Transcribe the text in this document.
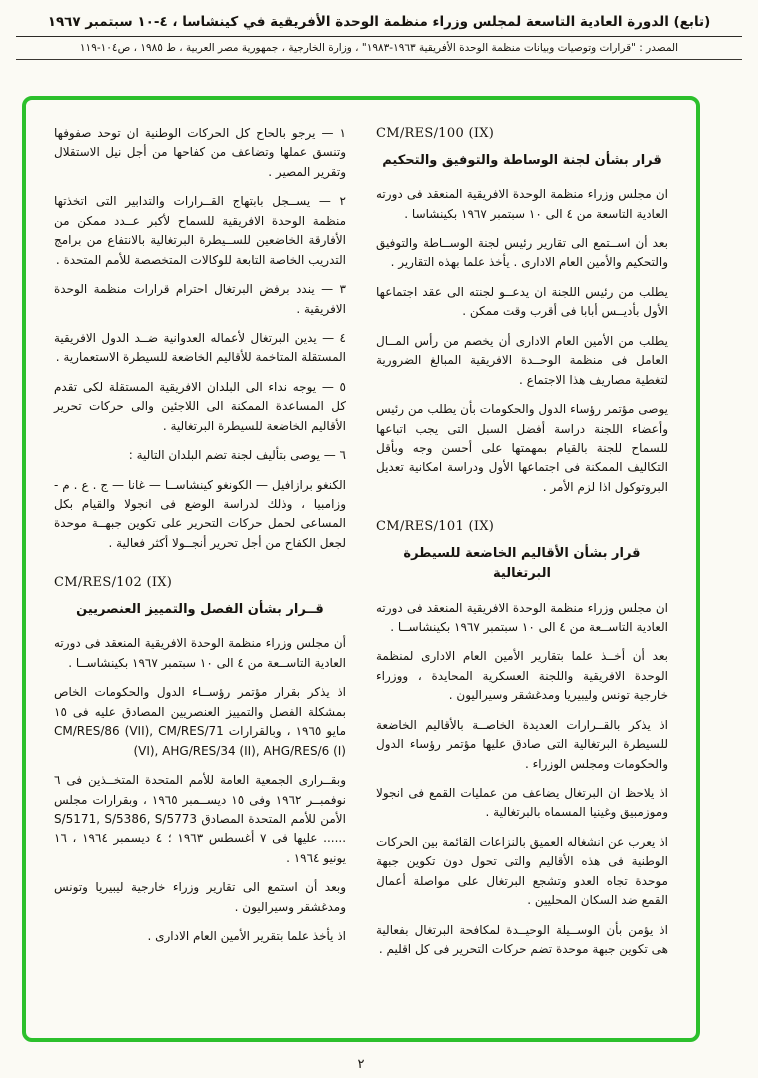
(تابع) الدورة العادية التاسعة لمجلس وزراء منظمة الوحدة الأفريقية في كينشاسا ، ٤-١٠ سبتمبر ١٩٦٧
المصدر : "قرارات وتوصيات وبيانات منظمة الوحدة الأفريقية ١٩٦٣-١٩٨٣" ، وزارة الخارجية ، جمهورية مصر العربية ، ط ١٩٨٥ ، ص١٠٤-١١٩
CM/RES/100 (IX)
قرار بشأن لجنة الوساطة والتوفيق والتحكيم

ان مجلس وزراء منظمة الوحدة الافريقية المنعقد فى دورته العادية التاسعة من ٤ الى ١٠ سبتمبر ١٩٦٧ بكينشاسا .

بعد أن اســتمع الى تقارير رئيس لجنة الوســاطة والتوفيق والتحكيم والأمين العام الادارى . يأخذ علما بهذه التقارير .

يطلب من رئيس اللجنة ان يدعــو لجنته الى عقد اجتماعها الأول بأديــس أبابا فى أقرب وقت ممكن .

يطلب من الأمين العام الادارى أن يخصم من رأس المــال العامل فى منظمة الوحــدة الافريقية المبالغ الضرورية لتغطية مصاريف هذا الاجتماع .

يوصى مؤتمر رؤساء الدول والحكومات بأن يطلب من رئيس وأعضاء اللجنة دراسة أفضل السبل التى يجب اتباعها للسماح للجنة بالقيام بمهمتها على أحسن وجه وبأقل التكاليف الممكنة فى اجتماعها الأول ودراسة امكانية تعديل البروتوكول اذا لزم الأمر .

CM/RES/101 (IX)
قرار بشأن الأقاليم الخاضعة للسيطرة البرتغالية

ان مجلس وزراء منظمة الوحدة الافريقية المنعقد فى دورته العادية التاســعة من ٤ الى ١٠ سبتمبر ١٩٦٧ بكينشاســا .

بعد أن أخــذ علما بتقارير الأمين العام الادارى لمنظمة الوحدة الافريقية واللجنة العسكرية المحايدة ، ووزراء خارجية تونس وليبيريا ومدغشقر وسيراليون .

اذ يذكر بالقــرارات العديدة الخاصــة بالأقاليم الخاضعة للسيطرة البرتغالية التى صادق عليها مؤتمر رؤساء الدول والحكومات ومجلس الوزراء .

اذ يلاحظ ان البرتغال يضاعف من عمليات القمع فى انجولا وموزمبيق وغينيا المسماه بالبرتغالية .

اذ يعرب عن انشغاله العميق بالنزاعات القائمة بين الحركات الوطنية فى هذه الأقاليم والتى تحول دون تكوين جبهة موحدة تجاه العدو وتشجع البرتغال على مواصلة أعمال القمع ضد السكان المحليين .

اذ يؤمن بأن الوســيلة الوحيــدة لمكافحة البرتغال بفعالية هى تكوين جبهة موحدة تضم حركات التحرير فى كل اقليم .

١ — يرجو بالحاح كل الحركات الوطنية ان توحد صفوفها وتنسق عملها وتضاعف من كفاحها من أجل نيل الاستقلال وتقرير المصير .

٢ — يســجل بابتهاج القــرارات والتدابير التى اتخذتها منظمة الوحدة الافريقية للسماح لأكبر عــدد ممكن من الأفارقة الخاضعين للســيطرة البرتغالية بالانتفاع من برامج التدريب الخاصة التابعة للوكالات المتخصصة للأمم المتحدة .

٣ — يندد برفض البرتغال احترام قرارات منظمة الوحدة الافريقية .

٤ — يدين البرتغال لأعماله العدوانية ضــد الدول الافريقية المستقلة المتاخمة للأقاليم الخاضعة للسيطرة الاستعمارية .

٥ — يوجه نداء الى البلدان الافريقية المستقلة لكى تقدم كل المساعدة الممكنة الى اللاجئين والى حركات تحرير الأقاليم الخاضعة للسيطرة البرتغالية .

٦ — يوصى بتأليف لجنة تضم البلدان التالية :

الكنغو برازافيل — الكونغو كينشاســا — غانا — ج . ع . م - وزامبيا ، وذلك لدراسة الوضع فى انجولا والقيام بكل المساعى لحمل حركات التحرير على تكوين جبهــة موحدة لجعل الكفاح من أجل تحرير أنجــولا أكثر فعالية .

CM/RES/102 (IX)
قــرار بشأن الفصل والتمييز العنصريين

أن مجلس وزراء منظمة الوحدة الافريقية المنعقد فى دورته العادية التاســعة من ٤ الى ١٠ سبتمبر ١٩٦٧ بكينشاســا .

اذ يذكر بقرار مؤتمر رؤســاء الدول والحكومات الخاص بمشكلة الفصل والتمييز العنصريين المصادق عليه فى ١٥ مايو ١٩٦٥ ، وبالقرارات ‎CM/RES/86 (VII), CM/RES/71 (VI), AHG/RES/34 (II), AHG/RES/6 (I)‎

وبقــرارى الجمعية العامة للأمم المتحدة المتخــذين فى ٦ نوفمبــر ١٩٦٢ وفى ١٥ ديســمبر ١٩٦٥ ، وبقرارات مجلس الأمن للأمم المتحدة المصادق ‎S/5171, S/5386, S/5773 ......‎ عليها فى ٧ أغسطس ١٩٦٣ ؛ ٤ ديسمبر ١٩٦٤ ، ١٦ يونيو ١٩٦٤ .

وبعد أن استمع الى تقارير وزراء خارجية ليبيريا وتونس ومدغشقر وسيراليون .

اذ يأخذ علما بتقرير الأمين العام الادارى .

٢
